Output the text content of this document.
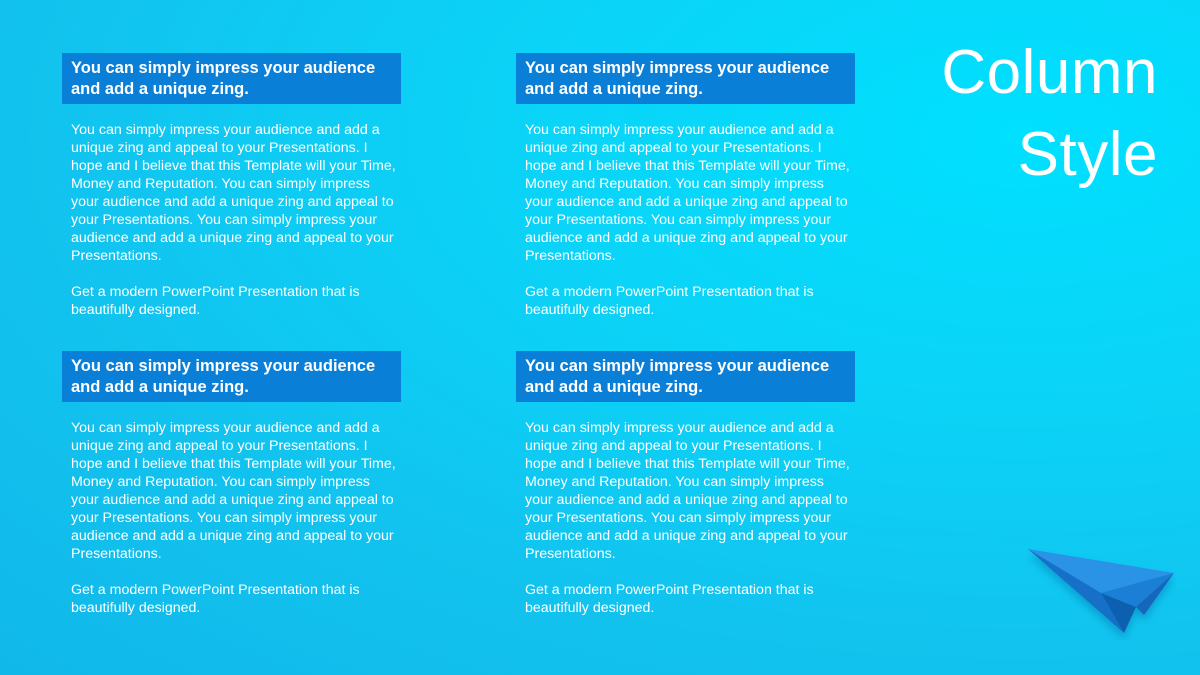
Column
Style
You can simply impress your audience and add a unique zing.

You can simply impress your audience and add a unique zing and appeal to your Presentations. I hope and I believe that this Template will your Time, Money and Reputation. You can simply impress your audience and add a unique zing and appeal to your Presentations. You can simply impress your audience and add a unique zing and appeal to your Presentations.

Get a modern PowerPoint Presentation that is beautifully designed.

You can simply impress your audience and add a unique zing.

You can simply impress your audience and add a unique zing and appeal to your Presentations. I hope and I believe that this Template will your Time, Money and Reputation. You can simply impress your audience and add a unique zing and appeal to your Presentations. You can simply impress your audience and add a unique zing and appeal to your Presentations.

Get a modern PowerPoint Presentation that is beautifully designed.

You can simply impress your audience and add a unique zing.

You can simply impress your audience and add a unique zing and appeal to your Presentations. I hope and I believe that this Template will your Time, Money and Reputation. You can simply impress your audience and add a unique zing and appeal to your Presentations. You can simply impress your audience and add a unique zing and appeal to your Presentations.

Get a modern PowerPoint Presentation that is beautifully designed.

You can simply impress your audience and add a unique zing.

You can simply impress your audience and add a unique zing and appeal to your Presentations. I hope and I believe that this Template will your Time, Money and Reputation. You can simply impress your audience and add a unique zing and appeal to your Presentations. You can simply impress your audience and add a unique zing and appeal to your Presentations.

Get a modern PowerPoint Presentation that is beautifully designed.
